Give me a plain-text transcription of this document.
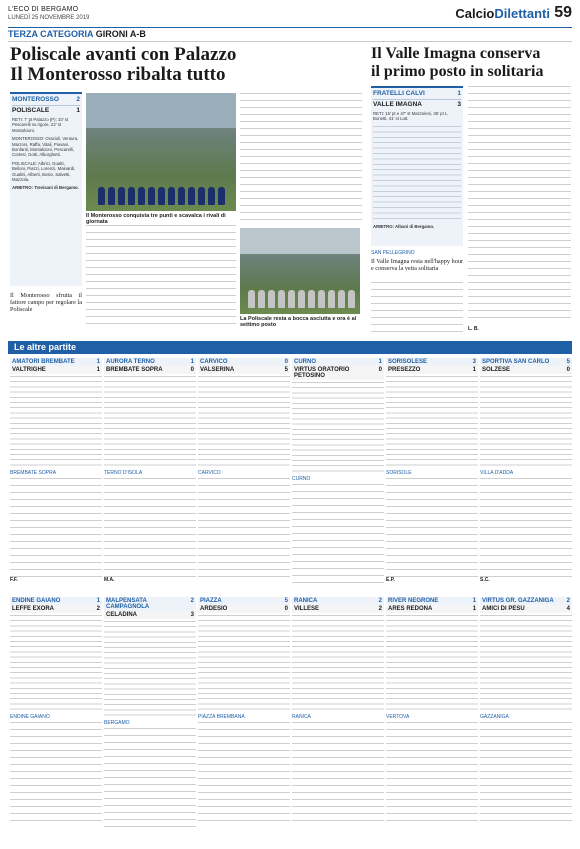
L'ECO DI BERGAMO
LUNEDÌ 25 NOVEMBRE 2019	CalcioDilettanti 59
TERZA CATEGORIA GIRONI A-B
Poliscale avanti con Palazzo
Il Monterosso ribalta tutto
MONTEROSSO	2
POLISCALE	1
RETI: 7' pt Palazzo (P); 10' st Pescarelli su rigore, 22' st Montalcioni.
MONTEROSSO: Orazioli, Ventura, Marzoni, Raffa, Vitali, Piovani, Bonfanti, Montalcioni, Pescarelli, Cortesi, Gotti, Alborghetti.
POLISCALE: Albrici, Guatti, Belloni, Piazzi, Lorenzi, Mainardi, Gualini, Alberti, Bosio, Salvetti, Mazzola.
ARBITRO: Trevisani di Bergamo.
Il Monterosso conquista tre punti e scavalca i rivali di giornata
La Poliscale resta a bocca asciutta e ora è al settimo posto
Il Monterosso sfrutta il fattore campo per regolare la Poliscale
Il Valle Imagna conserva
il primo posto in solitaria
FRATELLI CALVI	1
VALLE IMAGNA	3
RETI: 15' pt e 47' st Mazzoleni, 36' pt L. Bonetti, 41' st Lutt.
ARBITRO: Albani di Bergamo.
SAN PELLEGRINO
Il Valle Imagna resta nell'happy hour e conserva la vetta solitaria
L. B.
Le altre partite
AMATORI BREMBATE	1
VALTRIGHE	1
BREMBATE SOPRA
F.F.
AURORA TERNO	1
BREMBATE SOPRA	0
TERNO D'ISOLA
M.A.
CARVICO	0
VALSERINA	5
CARVICO
CURNO	1
VIRTUS ORATORIO PETOSINO
0
CURNO
SORISOLESE	3
PRESEZZO	1
SORISOLE
E.P.
SPORTIVA SAN CARLO	5
SOLZESE	0
VILLA D'ADDA
S.C.
ENDINE GAIANO	1
LEFFE EXORA	2
ENDINE GAIANO
MALPENSATA CAMPAGNOLA
2
CELADINA	3
BERGAMO
PIAZZA	5
ARDESIO	0
PIAZZA BREMBANA
RANICA	2
VILLESE	2
RANICA
RIVER NEGRONE	1
ARES REDONA	1
VERTOVA
VIRTUS GR. GAZZANIGA 2
AMICI DI PESU	4
GAZZANIGA
